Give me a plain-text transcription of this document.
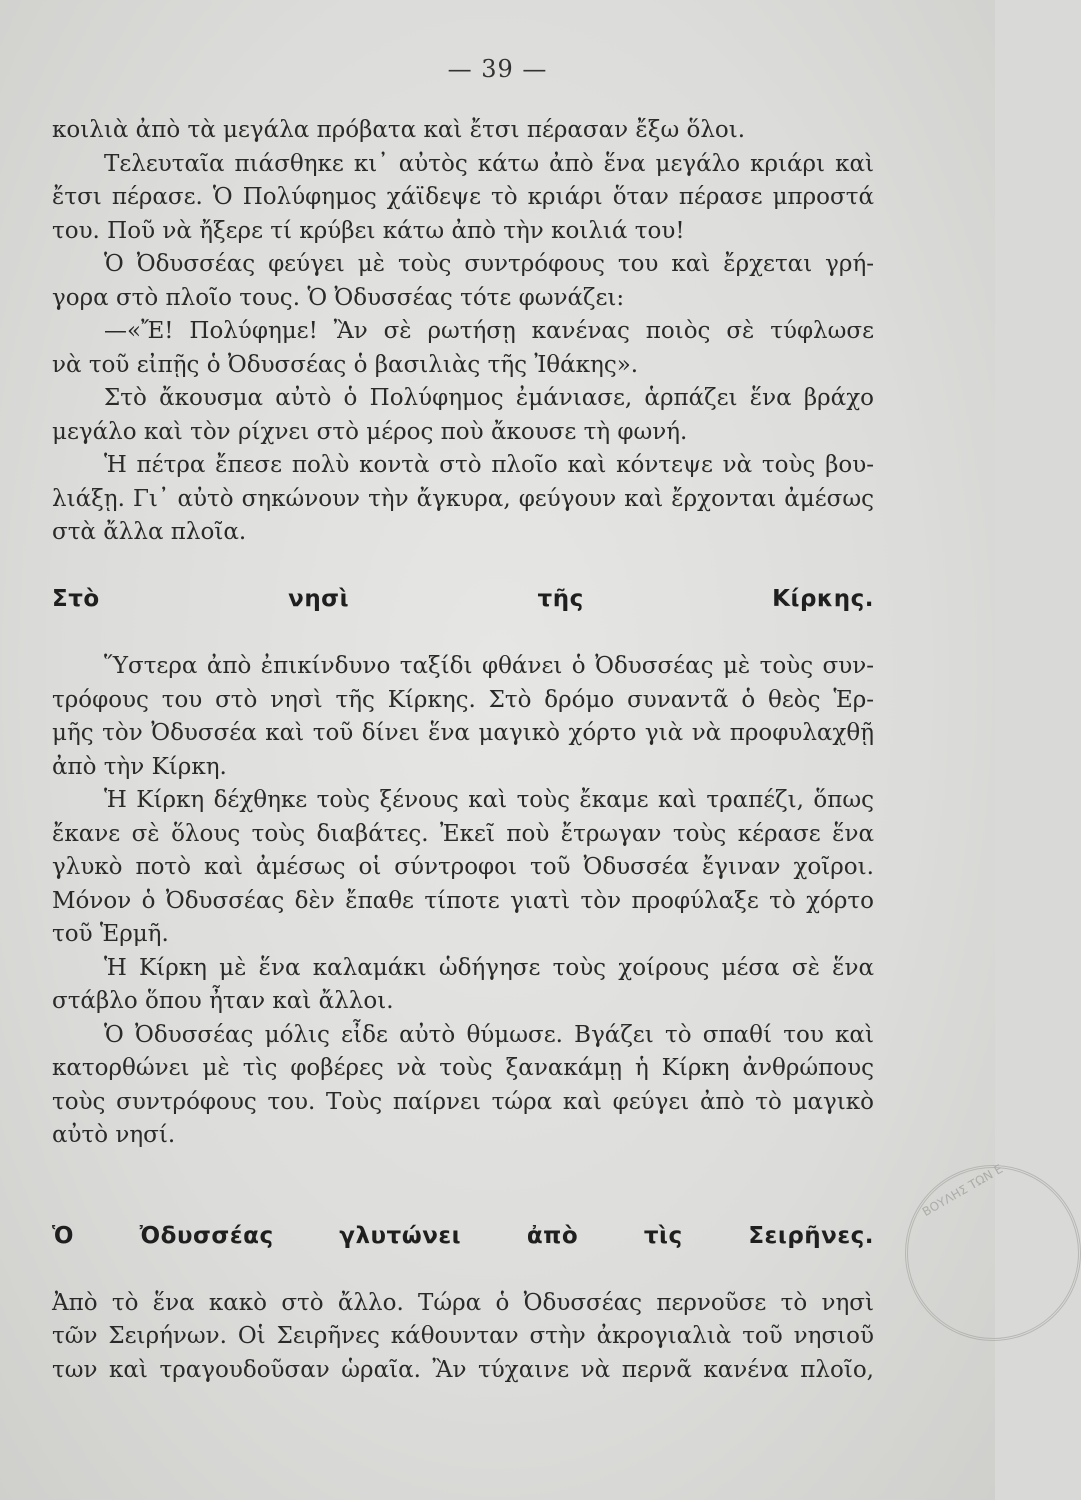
— 39 —
κοιλιὰ ἀπὸ τὰ μεγάλα πρόβατα καὶ ἔτσι πέρασαν ἔξω ὅλοι.
Τελευταῖα πιάσθηκε κι᾿ αὐτὸς κάτω ἀπὸ ἕνα μεγάλο κριάρι καὶ
ἔτσι πέρασε. Ὁ Πολύφημος χάϊδεψε τὸ κριάρι ὅταν πέρασε μπροστά
του. Ποῦ νὰ ἤξερε τί κρύβει κάτω ἀπὸ τὴν κοιλιά του!
Ὁ Ὀδυσσέας φεύγει μὲ τοὺς συντρόφους του καὶ ἔρχεται γρή-
γορα στὸ πλοῖο τους. Ὁ Ὀδυσσέας τότε φωνάζει:
—«Ἔ! Πολύφημε! Ἂν σὲ ρωτήσῃ κανένας ποιὸς σὲ τύφλωσε
νὰ τοῦ εἰπῇς ὁ Ὀδυσσέας ὁ βασιλιὰς τῆς Ἰθάκης».
Στὸ ἄκουσμα αὐτὸ ὁ Πολύφημος ἐμάνιασε, ἁρπάζει ἕνα βράχο
μεγάλο καὶ τὸν ρίχνει στὸ μέρος ποὺ ἄκουσε τὴ φωνή.
Ἡ πέτρα ἔπεσε πολὺ κοντὰ στὸ πλοῖο καὶ κόντεψε νὰ τοὺς βου-
λιάξῃ. Γι᾿ αὐτὸ σηκώνουν τὴν ἄγκυρα, φεύγουν καὶ ἔρχονται ἀμέσως
στὰ ἄλλα πλοῖα.

Στὸ νησὶ τῆς Κίρκης.

Ὕστερα ἀπὸ ἐπικίνδυνο ταξίδι φθάνει ὁ Ὀδυσσέας μὲ τοὺς συν-
τρόφους του στὸ νησὶ τῆς Κίρκης. Στὸ δρόμο συναντᾶ ὁ θεὸς Ἑρ-
μῆς τὸν Ὀδυσσέα καὶ τοῦ δίνει ἕνα μαγικὸ χόρτο γιὰ νὰ προφυλαχθῇ
ἀπὸ τὴν Κίρκη.
Ἡ Κίρκη δέχθηκε τοὺς ξένους καὶ τοὺς ἔκαμε καὶ τραπέζι, ὅπως
ἔκανε σὲ ὅλους τοὺς διαβάτες. Ἐκεῖ ποὺ ἔτρωγαν τοὺς κέρασε ἕνα
γλυκὸ ποτὸ καὶ ἀμέσως οἱ σύντροφοι τοῦ Ὀδυσσέα ἔγιναν χοῖροι.
Μόνον ὁ Ὀδυσσέας δὲν ἔπαθε τίποτε γιατὶ τὸν προφύλαξε τὸ χόρτο
τοῦ Ἑρμῆ.
Ἡ Κίρκη μὲ ἕνα καλαμάκι ὡδήγησε τοὺς χοίρους μέσα σὲ ἕνα
στάβλο ὅπου ἦταν καὶ ἄλλοι.
Ὁ Ὀδυσσέας μόλις εἶδε αὐτὸ θύμωσε. Βγάζει τὸ σπαθί του καὶ
κατορθώνει μὲ τὶς φοβέρες νὰ τοὺς ξανακάμῃ ἡ Κίρκη ἀνθρώπους
τοὺς συντρόφους του. Τοὺς παίρνει τώρα καὶ φεύγει ἀπὸ τὸ μαγικὸ
αὐτὸ νησί.

Ὁ Ὀδυσσέας γλυτώνει ἀπὸ τὶς Σειρῆνες.

Ἀπὸ τὸ ἕνα κακὸ στὸ ἄλλο. Τώρα ὁ Ὀδυσσέας περνοῦσε τὸ νησὶ
τῶν Σειρήνων. Οἱ Σειρῆνες κάθουνταν στὴν ἀκρογιαλιὰ τοῦ νησιοῦ
των καὶ τραγουδοῦσαν ὡραῖα. Ἂν τύχαινε νὰ περνᾶ κανένα πλοῖο,
ΒΟΥΛΗΣ ΤΩΝ Ε
